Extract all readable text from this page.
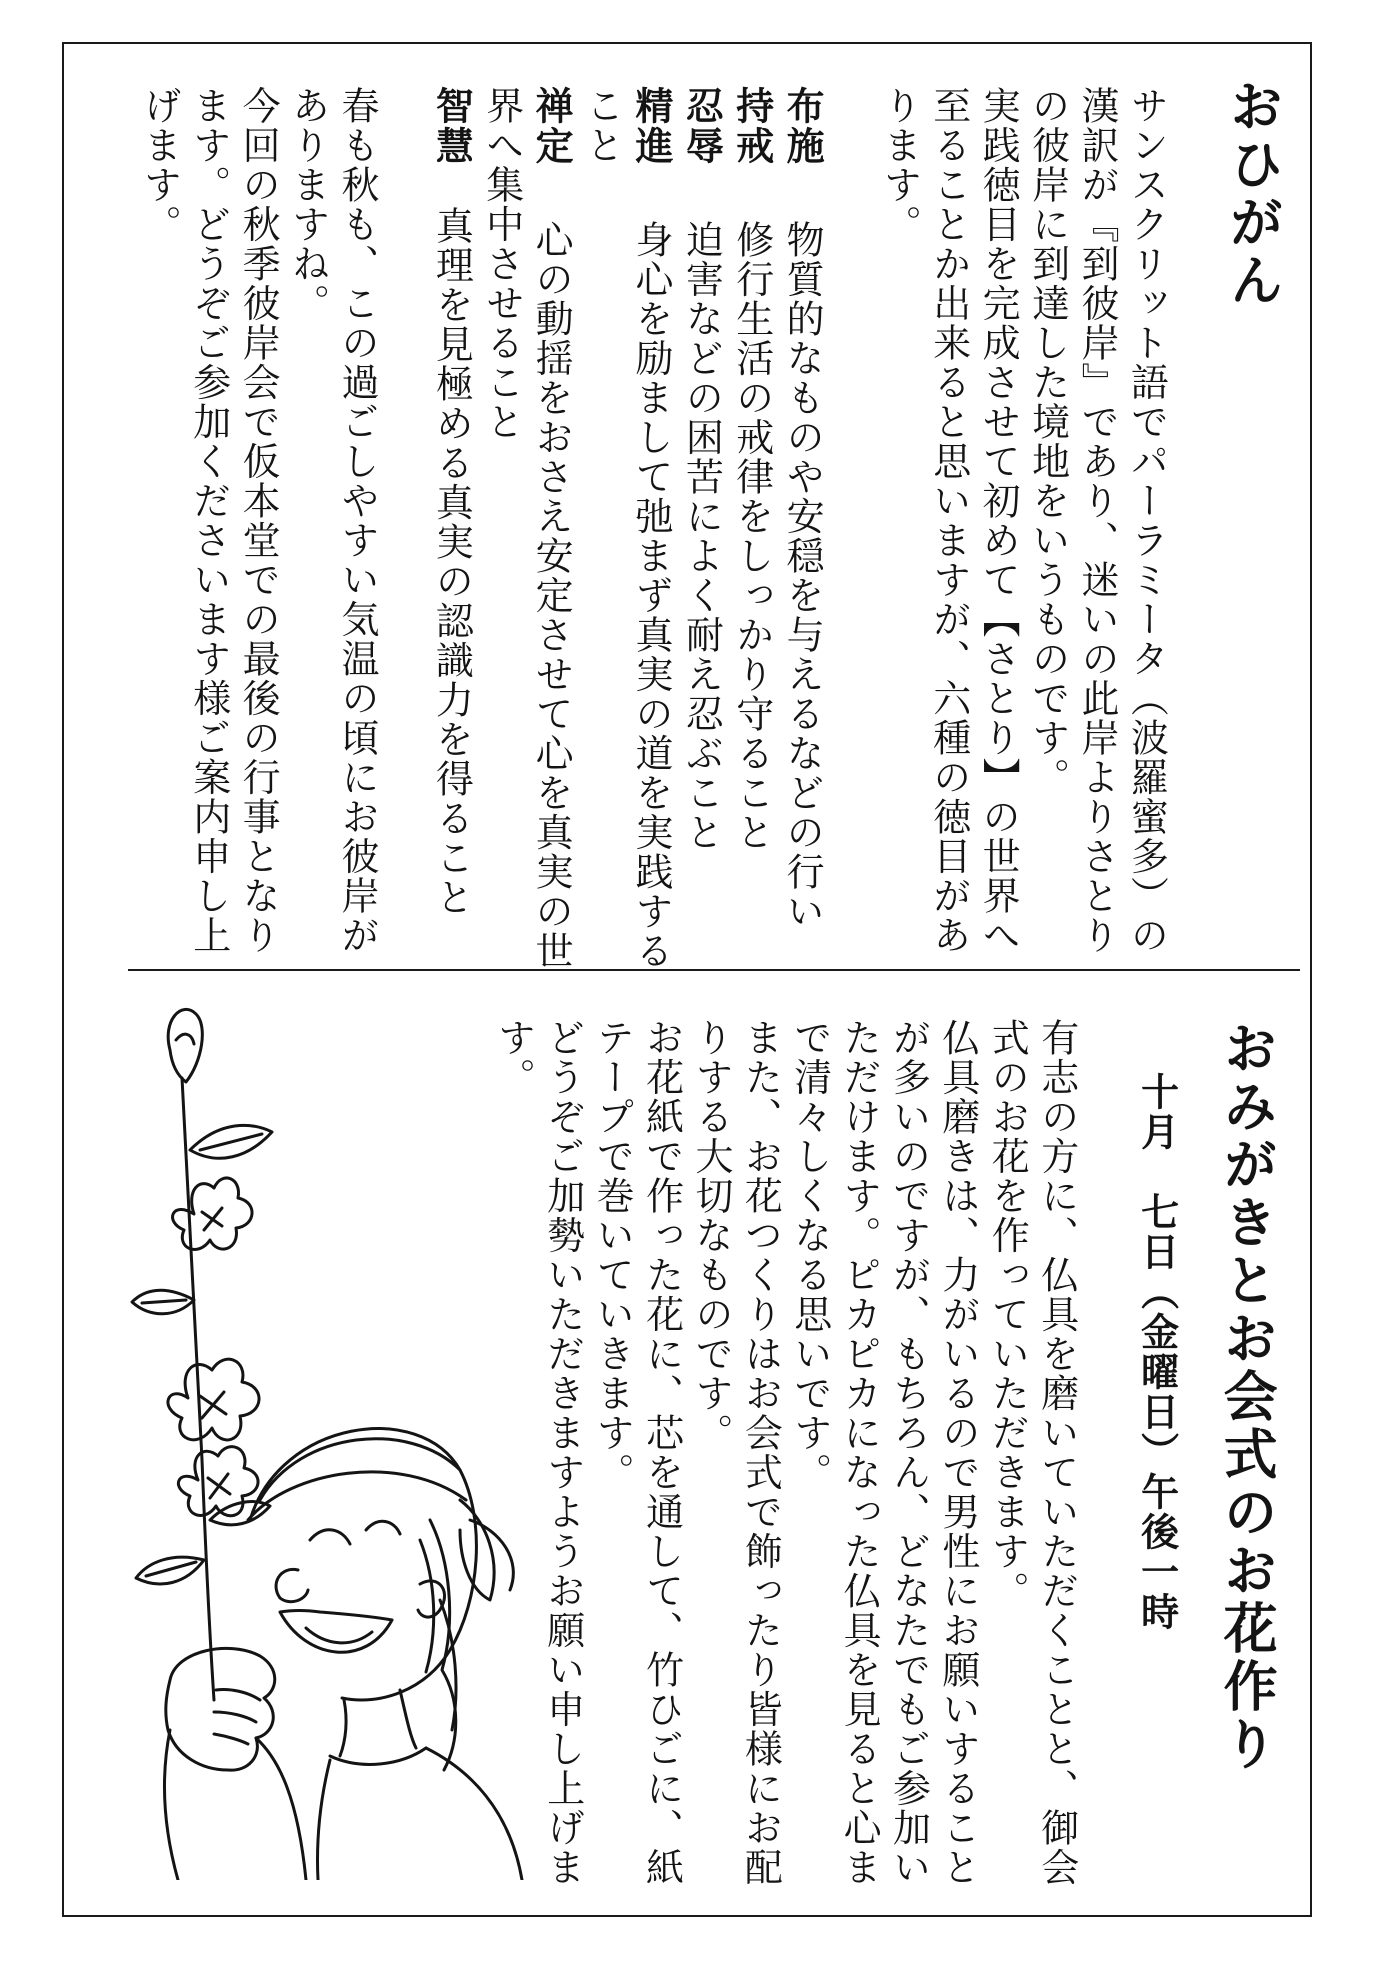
おひがん
サンスクリット語でパーラミータ（波羅蜜多）の
漢訳が『到彼岸』であり、迷いの此岸よりさとり
の彼岸に到達した境地をいうものです。
実践徳目を完成させて初めて【さとり】の世界へ
至ることか出来ると思いますが、六種の徳目があ
ります。
布施物質的なものや安穏を与えるなどの行い
持戒修行生活の戒律をしっかり守ること
忍辱迫害などの困苦によく耐え忍ぶこと
精進身心を励まして弛まず真実の道を実践する
こと
禅定心の動揺をおさえ安定させて心を真実の世
界へ集中させること
智慧真理を見極める真実の認識力を得ること
春も秋も、この過ごしやすい気温の頃にお彼岸が
ありますね。
今回の秋季彼岸会で仮本堂での最後の行事となり
ます。どうぞご参加くださいます様ご案内申し上
げます。
おみがきとお会式のお花作り
十月　七日（金曜日）午後一時
有志の方に、仏具を磨いていただくことと、御会
式のお花を作っていただきます。
仏具磨きは、力がいるので男性にお願いすること
が多いのですが、もちろん、どなたでもご参加い
ただけます。ピカピカになった仏具を見ると心ま
で清々しくなる思いです。
また、お花つくりはお会式で飾ったり皆様にお配
りする大切なものです。
お花紙で作った花に、芯を通して、竹ひごに、紙
テープで巻いていきます。
どうぞご加勢いただきますようお願い申し上げま
す。
